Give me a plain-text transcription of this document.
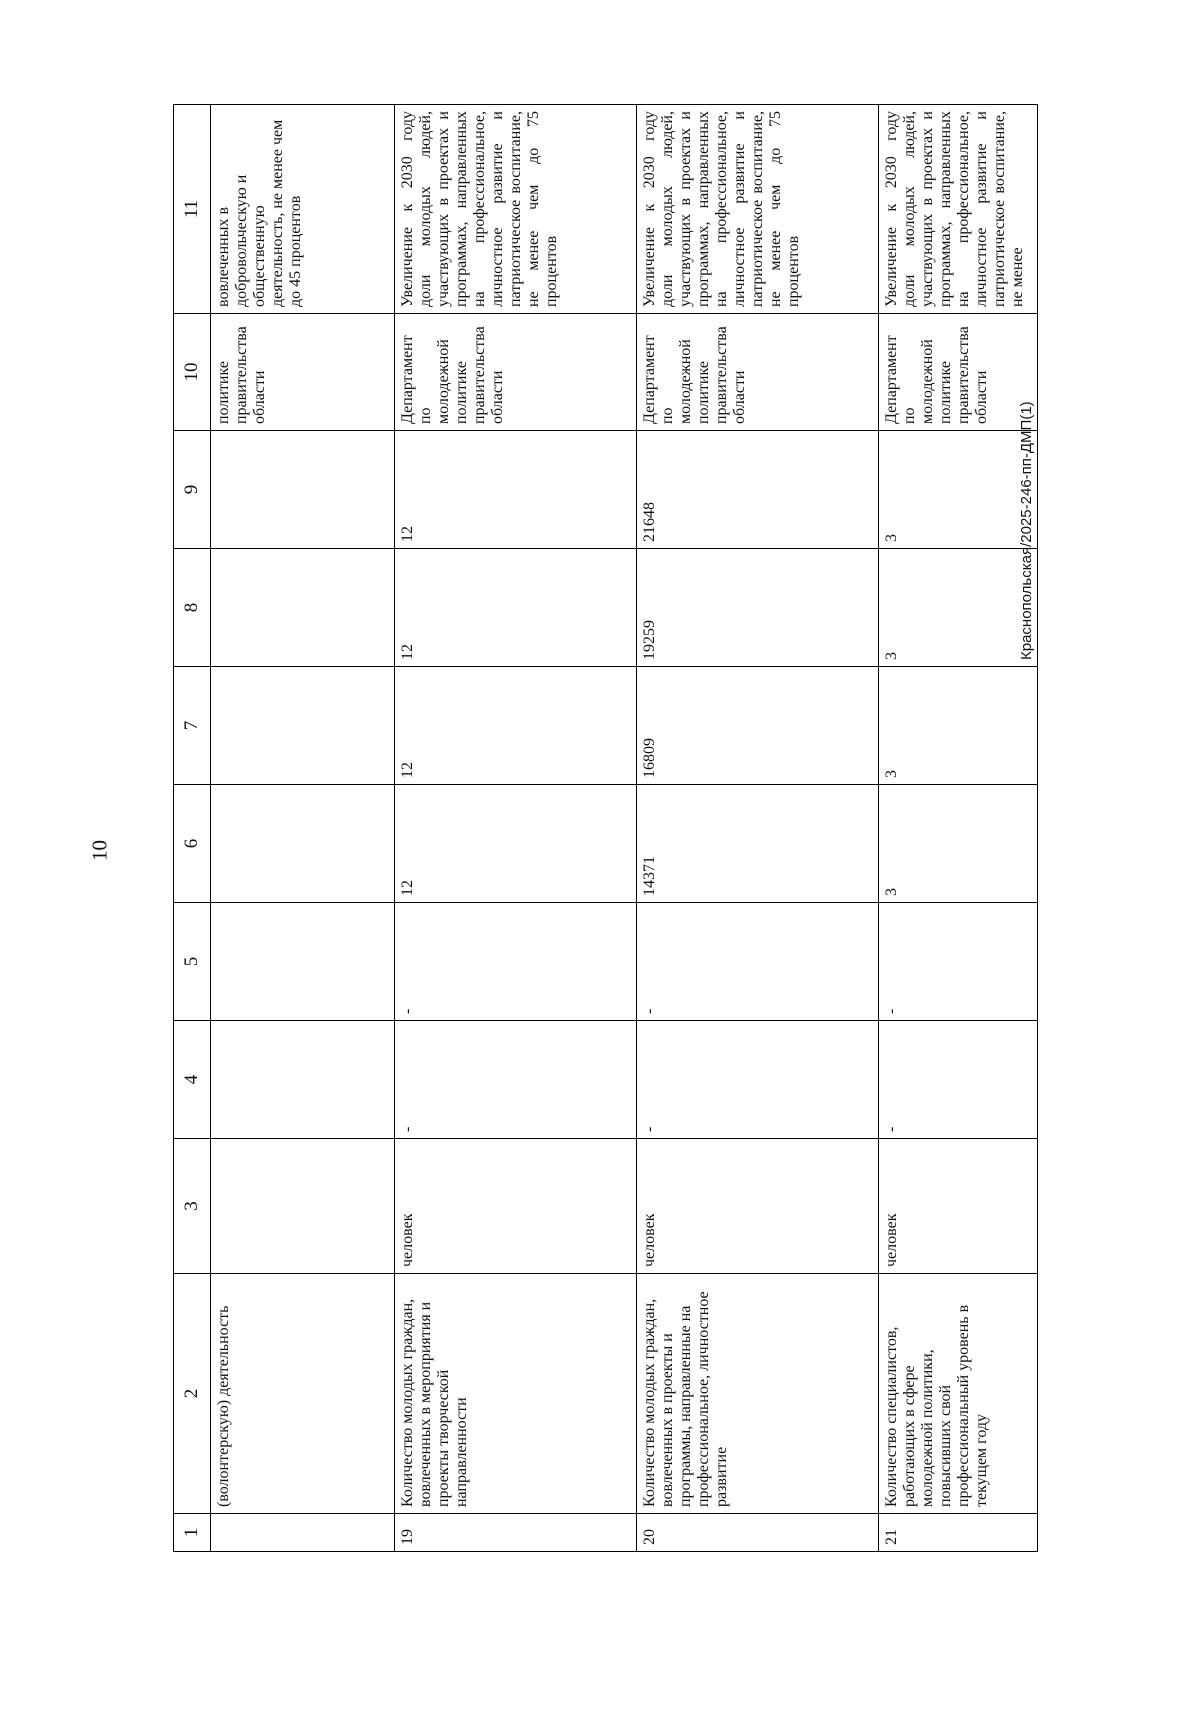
10
Краснопольская/2025-246-пп-ДМП(1)
1	2	3	4	5	6	7	8	9	10	11
	(волонтерскую) деятельность								политике правительства области	вовлеченных в добровольческую и общественную деятельность, не менее чем до 45 процентов
19	Количество молодых граждан, вовлеченных в мероприятия и проекты творческой направленности	человек	-	-	12	12	12	12	Департамент по молодежной политике правительства области	Увеличение к 2030 году доли молодых людей, участвующих в проектах и программах, направленных на профессиональное, личностное развитие и патриотическое воспитание, не менее чем до 75 процентов
20	Количество молодых граждан, вовлеченных в проекты и программы, направленные на профессиональное, личностное развитие	человек	-	-	14371	16809	19259	21648	Департамент по молодежной политике правительства области	Увеличение к 2030 году доли молодых людей, участвующих в проектах и программах, направленных на профессиональное, личностное развитие и патриотическое воспитание, не менее чем до 75 процентов
21	Количество специалистов, работающих в сфере молодежной политики, повысивших свой профессиональный уровень в текущем году	человек	-	-	3	3	3	3	Департамент по молодежной политике правительства области	Увеличение к 2030 году доли молодых людей, участвующих в проектах и программах, направленных на профессиональное, личностное развитие и патриотическое воспитание, не менее
